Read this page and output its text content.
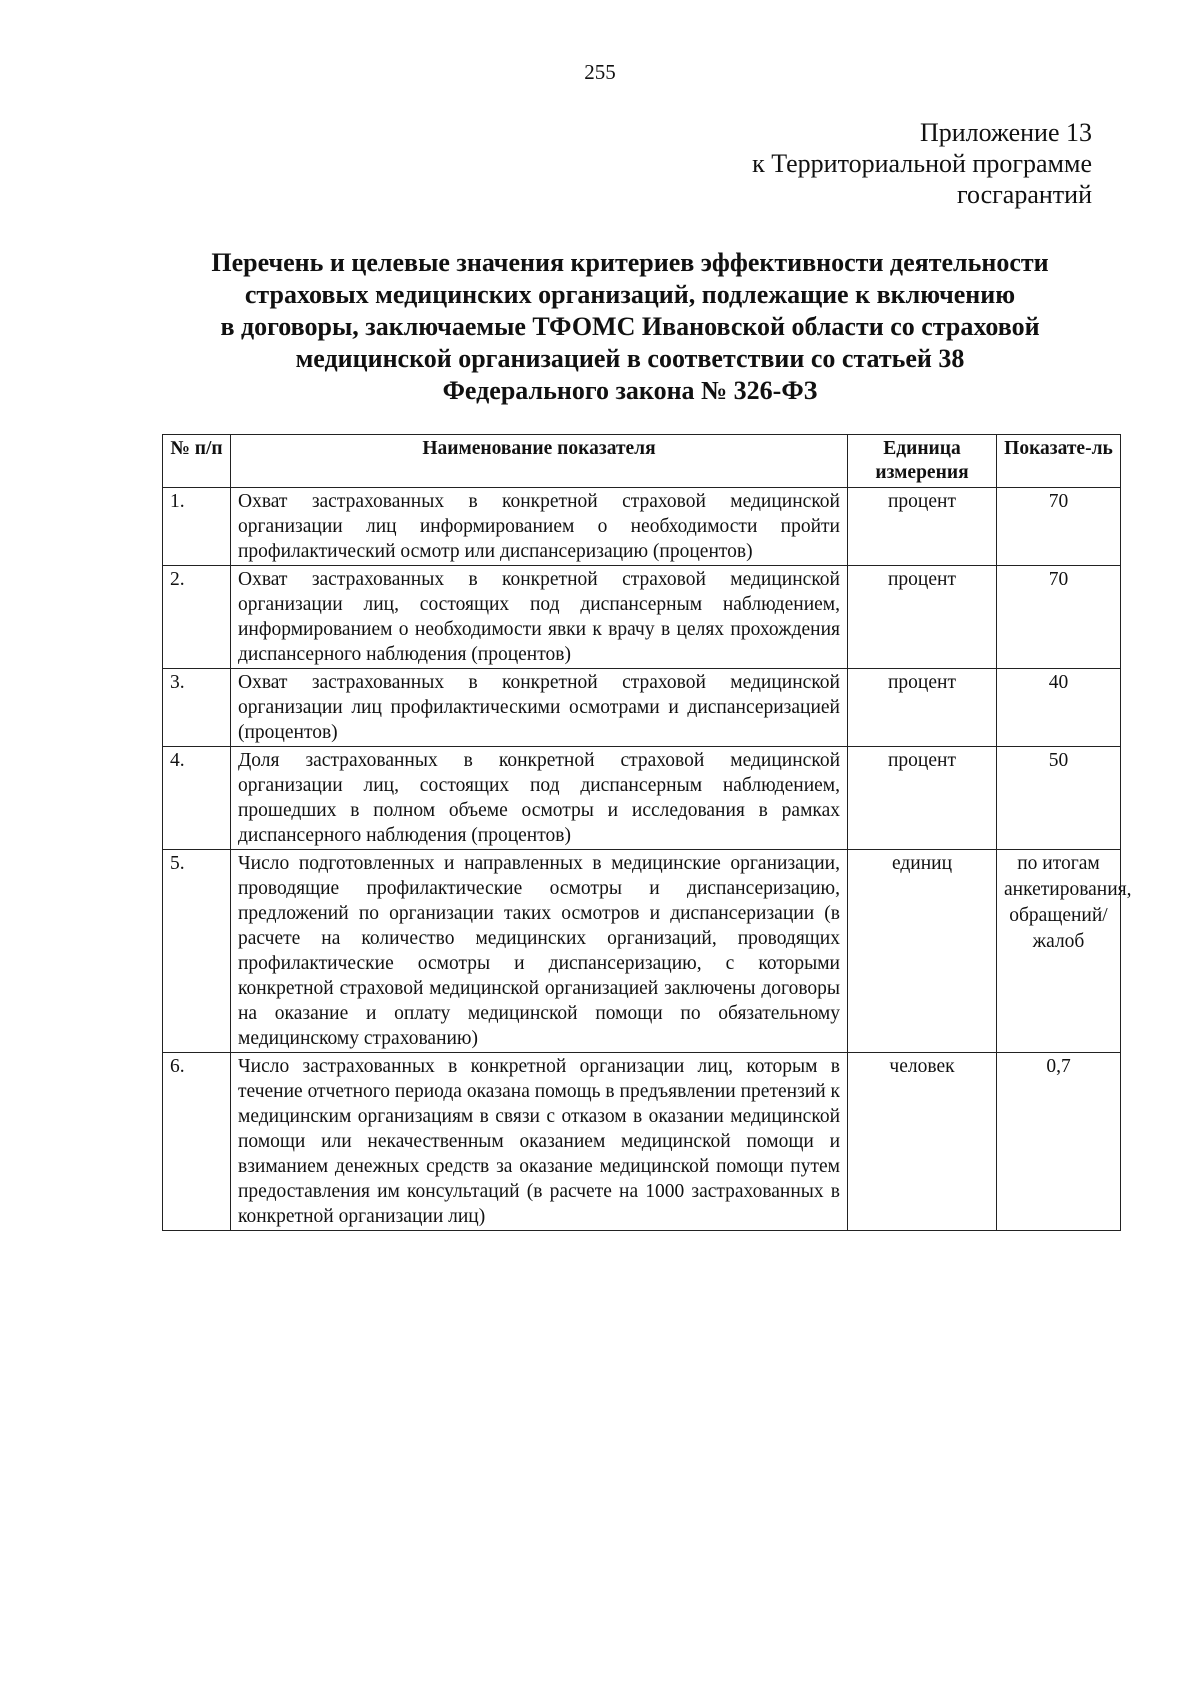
255
Приложение 13
к Территориальной программе
госгарантий
Перечень и целевые значения критериев эффективности деятельности
страховых медицинских организаций, подлежащие к включению
в договоры, заключаемые ТФОМС Ивановской области со страховой
медицинской организацией в соответствии со статьей 38
Федерального закона № 326-ФЗ
№ п/п	Наименование показателя	Единица измерения	Показате-ль
1.	Охват застрахованных в конкретной страховой медицинской организации лиц информированием о необходимости пройти профилактический осмотр или диспансеризацию (процентов)	процент	70
2.	Охват застрахованных в конкретной страховой медицинской организации лиц, состоящих под диспансерным наблюдением, информированием о необходимости явки к врачу в целях прохождения диспансерного наблюдения (процентов)	процент	70
3.	Охват застрахованных в конкретной страховой медицинской организации лиц профилактическими осмотрами и диспансеризацией (процентов)	процент	40
4.	Доля застрахованных в конкретной страховой медицинской организации лиц, состоящих под диспансерным наблюдением, прошедших в полном объеме осмотры и исследования в рамках диспансерного наблюдения (процентов)	процент	50
5.	Число подготовленных и направленных в медицинские организации, проводящие профилактические осмотры и диспансеризацию, предложений по организации таких осмотров и диспансеризации (в расчете на количество медицинских организаций, проводящих профилактические осмотры и диспансеризацию, с которыми конкретной страховой медицинской организацией заключены договоры на оказание и оплату медицинской помощи по обязательному медицинскому страхованию)	единиц	по итогам анкетирования, обращений/ жалоб
6.	Число застрахованных в конкретной организации лиц, которым в течение отчетного периода оказана помощь в предъявлении претензий к медицинским организациям в связи с отказом в оказании медицинской помощи или некачественным оказанием медицинской помощи и взиманием денежных средств за оказание медицинской помощи путем предоставления им консультаций (в расчете на 1000 застрахованных в конкретной организации лиц)	человек	0,7
